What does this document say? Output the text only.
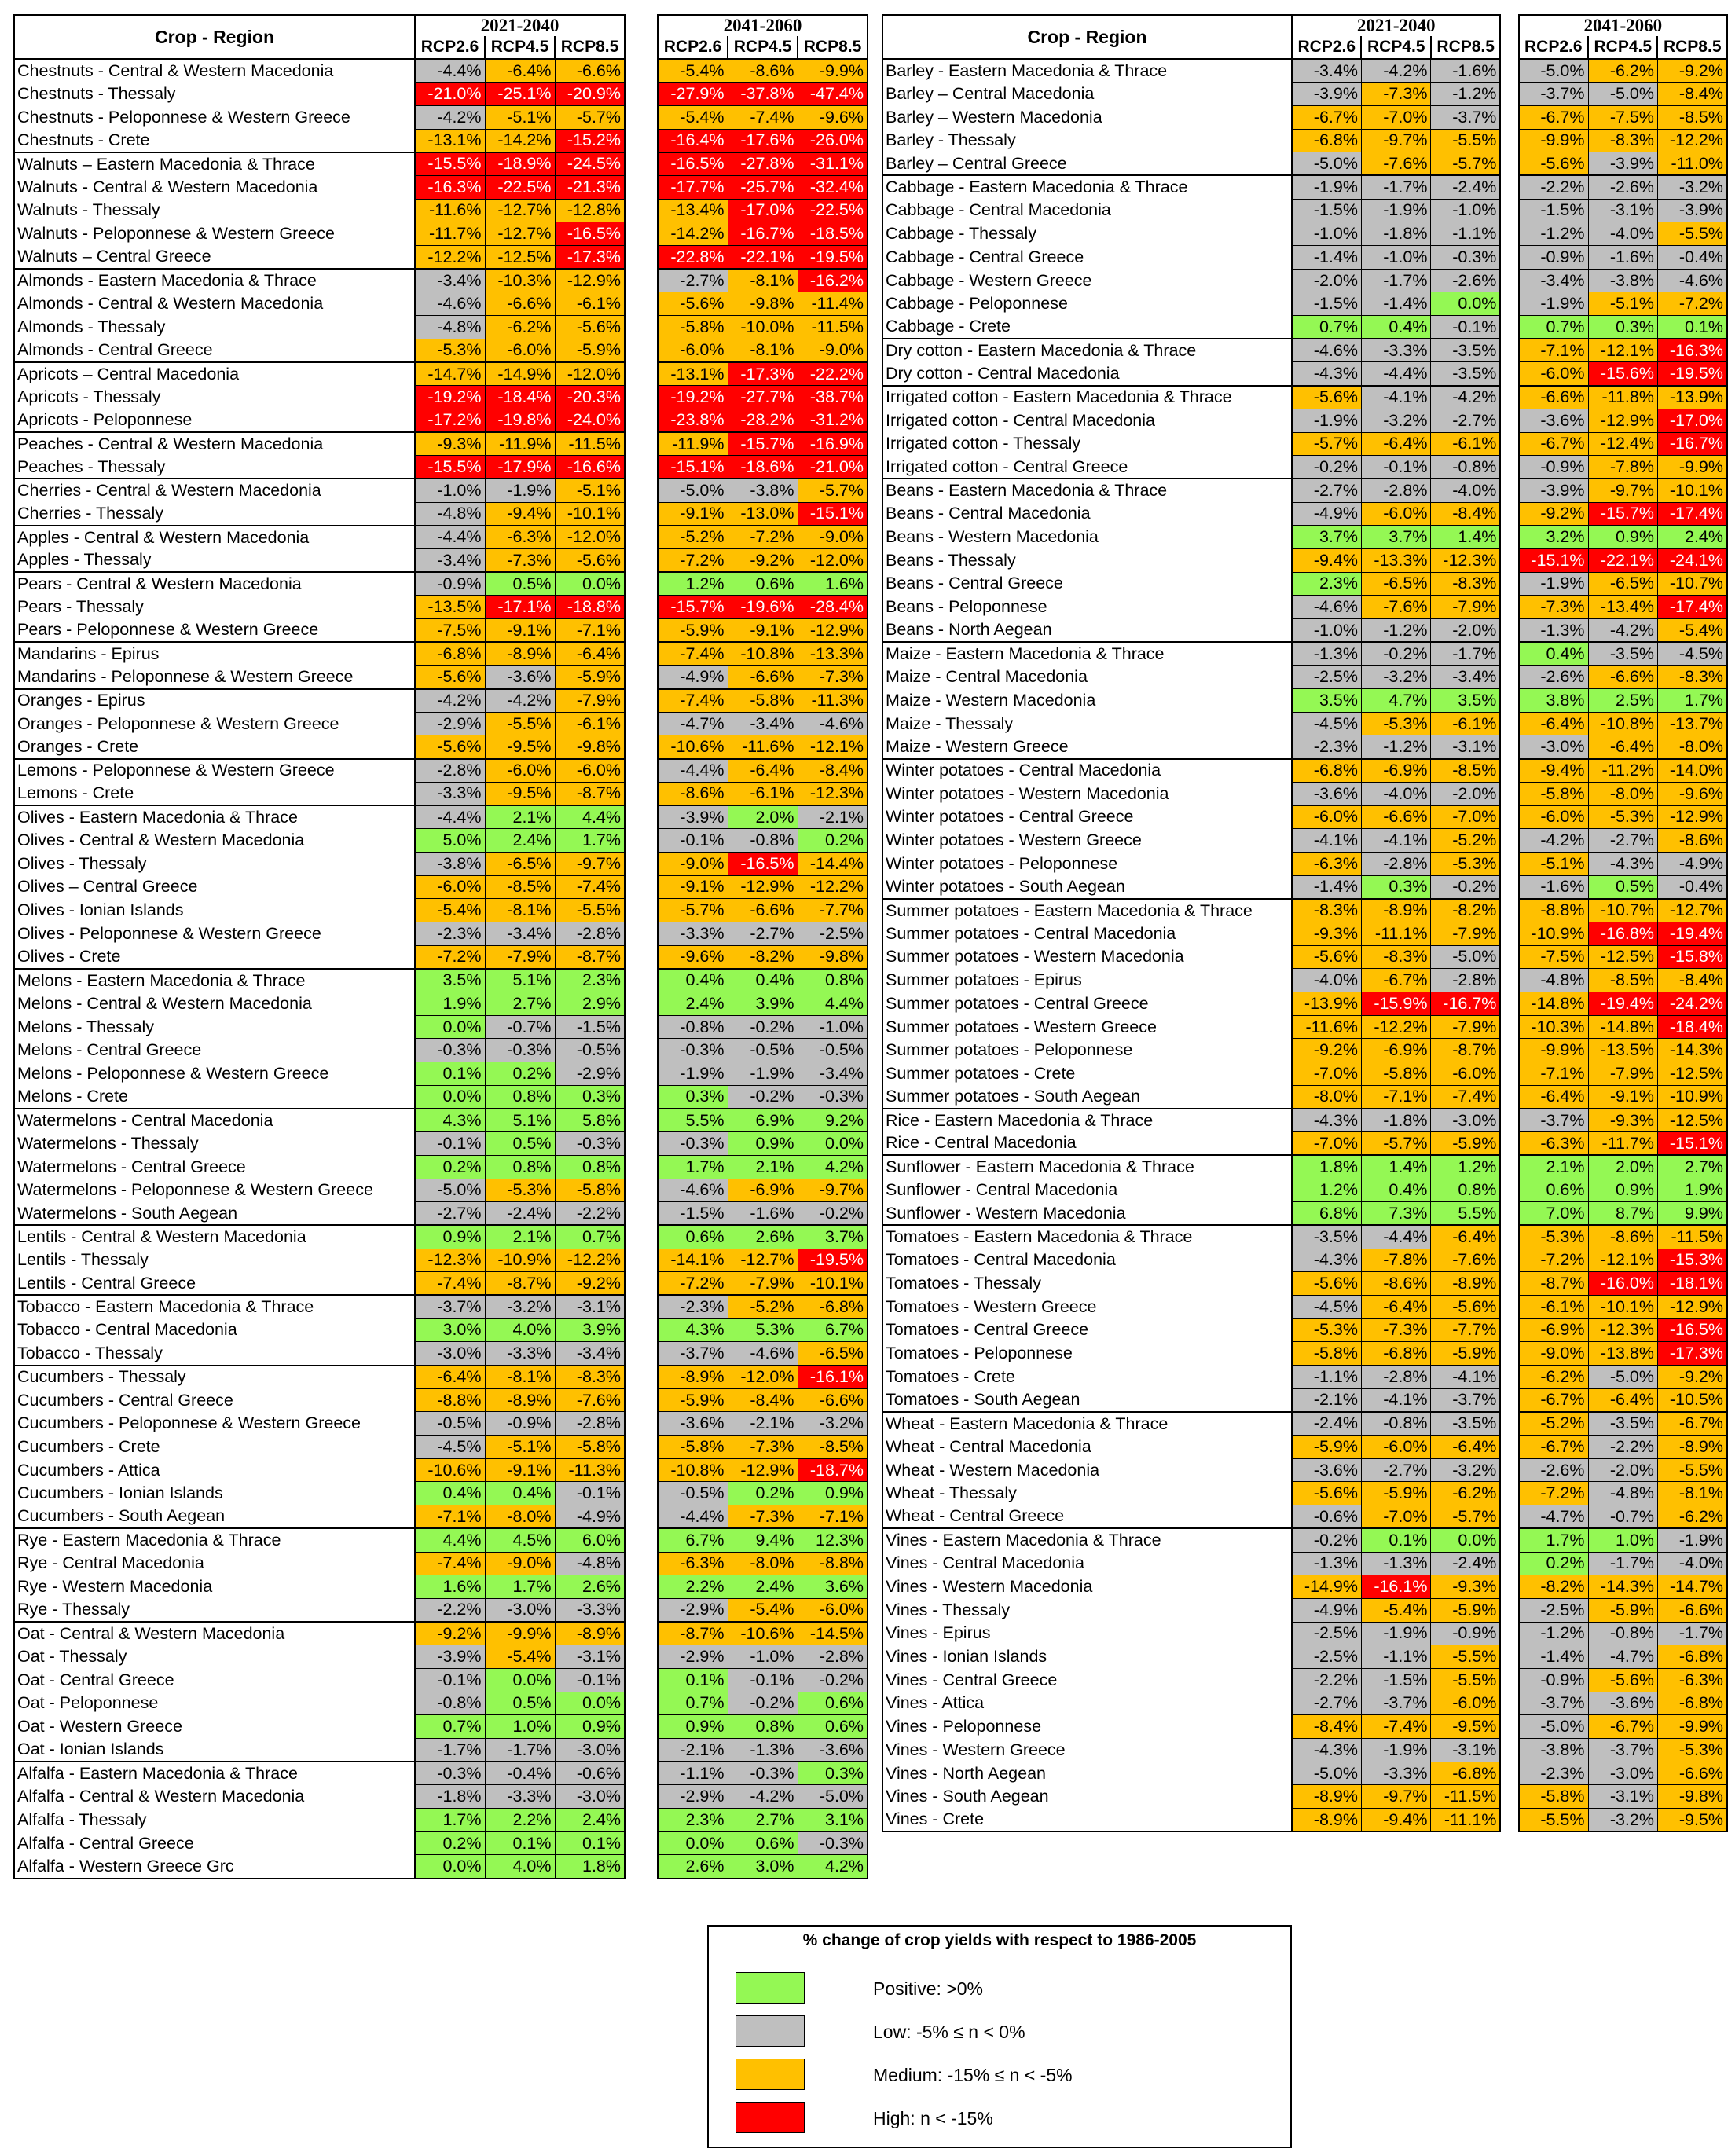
Crop - Region	2021-2040				2041-2060		
	RCP2.6	RCP4.5	RCP8.5		RCP2.6	RCP4.5	RCP8.5
Chestnuts - Central & Western Macedonia	-4.4%	-6.4%	-6.6%		-5.4%	-8.6%	-9.9%
Chestnuts - Thessaly	-21.0%	-25.1%	-20.9%		-27.9%	-37.8%	-47.4%
Chestnuts - Peloponnese & Western Greece	-4.2%	-5.1%	-5.7%		-5.4%	-7.4%	-9.6%
Chestnuts - Crete	-13.1%	-14.2%	-15.2%		-16.4%	-17.6%	-26.0%
Walnuts – Eastern Macedonia & Thrace	-15.5%	-18.9%	-24.5%		-16.5%	-27.8%	-31.1%
Walnuts - Central & Western Macedonia	-16.3%	-22.5%	-21.3%		-17.7%	-25.7%	-32.4%
Walnuts - Thessaly	-11.6%	-12.7%	-12.8%		-13.4%	-17.0%	-22.5%
Walnuts - Peloponnese & Western Greece	-11.7%	-12.7%	-16.5%		-14.2%	-16.7%	-18.5%
Walnuts – Central Greece	-12.2%	-12.5%	-17.3%		-22.8%	-22.1%	-19.5%
Almonds - Eastern Macedonia & Thrace	-3.4%	-10.3%	-12.9%		-2.7%	-8.1%	-16.2%
Almonds - Central & Western Macedonia	-4.6%	-6.6%	-6.1%		-5.6%	-9.8%	-11.4%
Almonds - Thessaly	-4.8%	-6.2%	-5.6%		-5.8%	-10.0%	-11.5%
Almonds - Central Greece	-5.3%	-6.0%	-5.9%		-6.0%	-8.1%	-9.0%
Apricots – Central Macedonia	-14.7%	-14.9%	-12.0%		-13.1%	-17.3%	-22.2%
Apricots - Thessaly	-19.2%	-18.4%	-20.3%		-19.2%	-27.7%	-38.7%
Apricots - Peloponnese	-17.2%	-19.8%	-24.0%		-23.8%	-28.2%	-31.2%
Peaches - Central & Western Macedonia	-9.3%	-11.9%	-11.5%		-11.9%	-15.7%	-16.9%
Peaches - Thessaly	-15.5%	-17.9%	-16.6%		-15.1%	-18.6%	-21.0%
Cherries - Central & Western Macedonia	-1.0%	-1.9%	-5.1%		-5.0%	-3.8%	-5.7%
Cherries - Thessaly	-4.8%	-9.4%	-10.1%		-9.1%	-13.0%	-15.1%
Apples - Central & Western Macedonia	-4.4%	-6.3%	-12.0%		-5.2%	-7.2%	-9.0%
Apples - Thessaly	-3.4%	-7.3%	-5.6%		-7.2%	-9.2%	-12.0%
Pears - Central & Western Macedonia	-0.9%	0.5%	0.0%		1.2%	0.6%	1.6%
Pears - Thessaly	-13.5%	-17.1%	-18.8%		-15.7%	-19.6%	-28.4%
Pears - Peloponnese & Western Greece	-7.5%	-9.1%	-7.1%		-5.9%	-9.1%	-12.9%
Mandarins - Epirus	-6.8%	-8.9%	-6.4%		-7.4%	-10.8%	-13.3%
Mandarins - Peloponnese & Western Greece	-5.6%	-3.6%	-5.9%		-4.9%	-6.6%	-7.3%
Oranges - Epirus	-4.2%	-4.2%	-7.9%		-7.4%	-5.8%	-11.3%
Oranges - Peloponnese & Western Greece	-2.9%	-5.5%	-6.1%		-4.7%	-3.4%	-4.6%
Oranges - Crete	-5.6%	-9.5%	-9.8%		-10.6%	-11.6%	-12.1%
Lemons - Peloponnese & Western Greece	-2.8%	-6.0%	-6.0%		-4.4%	-6.4%	-8.4%
Lemons - Crete	-3.3%	-9.5%	-8.7%		-8.6%	-6.1%	-12.3%
Olives - Eastern Macedonia & Thrace	-4.4%	2.1%	4.4%		-3.9%	2.0%	-2.1%
Olives - Central & Western Macedonia	5.0%	2.4%	1.7%		-0.1%	-0.8%	0.2%
Olives - Thessaly	-3.8%	-6.5%	-9.7%		-9.0%	-16.5%	-14.4%
Olives – Central Greece	-6.0%	-8.5%	-7.4%		-9.1%	-12.9%	-12.2%
Olives - Ionian Islands	-5.4%	-8.1%	-5.5%		-5.7%	-6.6%	-7.7%
Olives - Peloponnese & Western Greece	-2.3%	-3.4%	-2.8%		-3.3%	-2.7%	-2.5%
Olives - Crete	-7.2%	-7.9%	-8.7%		-9.6%	-8.2%	-9.8%
Melons - Eastern Macedonia & Thrace	3.5%	5.1%	2.3%		0.4%	0.4%	0.8%
Melons - Central & Western Macedonia	1.9%	2.7%	2.9%		2.4%	3.9%	4.4%
Melons - Thessaly	0.0%	-0.7%	-1.5%		-0.8%	-0.2%	-1.0%
Melons - Central Greece	-0.3%	-0.3%	-0.5%		-0.3%	-0.5%	-0.5%
Melons - Peloponnese & Western Greece	0.1%	0.2%	-2.9%		-1.9%	-1.9%	-3.4%
Melons - Crete	0.0%	0.8%	0.3%		0.3%	-0.2%	-0.3%
Watermelons - Central Macedonia	4.3%	5.1%	5.8%		5.5%	6.9%	9.2%
Watermelons - Thessaly	-0.1%	0.5%	-0.3%		-0.3%	0.9%	0.0%
Watermelons - Central Greece	0.2%	0.8%	0.8%		1.7%	2.1%	4.2%
Watermelons - Peloponnese & Western Greece	-5.0%	-5.3%	-5.8%		-4.6%	-6.9%	-9.7%
Watermelons - South Aegean	-2.7%	-2.4%	-2.2%		-1.5%	-1.6%	-0.2%
Lentils - Central & Western Macedonia	0.9%	2.1%	0.7%		0.6%	2.6%	3.7%
Lentils - Thessaly	-12.3%	-10.9%	-12.2%		-14.1%	-12.7%	-19.5%
Lentils - Central Greece	-7.4%	-8.7%	-9.2%		-7.2%	-7.9%	-10.1%
Tobacco - Eastern Macedonia & Thrace	-3.7%	-3.2%	-3.1%		-2.3%	-5.2%	-6.8%
Tobacco - Central Macedonia	3.0%	4.0%	3.9%		4.3%	5.3%	6.7%
Tobacco - Thessaly	-3.0%	-3.3%	-3.4%		-3.7%	-4.6%	-6.5%
Cucumbers - Thessaly	-6.4%	-8.1%	-8.3%		-8.9%	-12.0%	-16.1%
Cucumbers - Central Greece	-8.8%	-8.9%	-7.6%		-5.9%	-8.4%	-6.6%
Cucumbers - Peloponnese & Western Greece	-0.5%	-0.9%	-2.8%		-3.6%	-2.1%	-3.2%
Cucumbers - Crete	-4.5%	-5.1%	-5.8%		-5.8%	-7.3%	-8.5%
Cucumbers - Attica	-10.6%	-9.1%	-11.3%		-10.8%	-12.9%	-18.7%
Cucumbers - Ionian Islands	0.4%	0.4%	-0.1%		-0.5%	0.2%	0.9%
Cucumbers - South Aegean	-7.1%	-8.0%	-4.9%		-4.4%	-7.3%	-7.1%
Rye - Eastern Macedonia & Thrace	4.4%	4.5%	6.0%		6.7%	9.4%	12.3%
Rye - Central Macedonia	-7.4%	-9.0%	-4.8%		-6.3%	-8.0%	-8.8%
Rye - Western Macedonia	1.6%	1.7%	2.6%		2.2%	2.4%	3.6%
Rye - Thessaly	-2.2%	-3.0%	-3.3%		-2.9%	-5.4%	-6.0%
Oat - Central & Western Macedonia	-9.2%	-9.9%	-8.9%		-8.7%	-10.6%	-14.5%
Oat - Thessaly	-3.9%	-5.4%	-3.1%		-2.9%	-1.0%	-2.8%
Oat - Central Greece	-0.1%	0.0%	-0.1%		0.1%	-0.1%	-0.2%
Oat - Peloponnese	-0.8%	0.5%	0.0%		0.7%	-0.2%	0.6%
Oat - Western Greece	0.7%	1.0%	0.9%		0.9%	0.8%	0.6%
Oat - Ionian Islands	-1.7%	-1.7%	-3.0%		-2.1%	-1.3%	-3.6%
Alfalfa - Eastern Macedonia & Thrace	-0.3%	-0.4%	-0.6%		-1.1%	-0.3%	0.3%
Alfalfa - Central & Western Macedonia	-1.8%	-3.3%	-3.0%		-2.9%	-4.2%	-5.0%
Alfalfa - Thessaly	1.7%	2.2%	2.4%		2.3%	2.7%	3.1%
Alfalfa - Central Greece	0.2%	0.1%	0.1%		0.0%	0.6%	-0.3%
Alfalfa - Western Greece Grc	0.0%	4.0%	1.8%		2.6%	3.0%	4.2%
`
Crop - Region	2021-2040				2041-2060		
	RCP2.6	RCP4.5	RCP8.5		RCP2.6	RCP4.5	RCP8.5
Barley - Eastern Macedonia & Thrace	-3.4%	-4.2%	-1.6%		-5.0%	-6.2%	-9.2%
Barley – Central Macedonia	-3.9%	-7.3%	-1.2%		-3.7%	-5.0%	-8.4%
Barley – Western Macedonia	-6.7%	-7.0%	-3.7%		-6.7%	-7.5%	-8.5%
Barley - Thessaly	-6.8%	-9.7%	-5.5%		-9.9%	-8.3%	-12.2%
Barley – Central Greece	-5.0%	-7.6%	-5.7%		-5.6%	-3.9%	-11.0%
Cabbage - Eastern Macedonia & Thrace	-1.9%	-1.7%	-2.4%		-2.2%	-2.6%	-3.2%
Cabbage - Central Macedonia	-1.5%	-1.9%	-1.0%		-1.5%	-3.1%	-3.9%
Cabbage - Thessaly	-1.0%	-1.8%	-1.1%		-1.2%	-4.0%	-5.5%
Cabbage - Central Greece	-1.4%	-1.0%	-0.3%		-0.9%	-1.6%	-0.4%
Cabbage - Western Greece	-2.0%	-1.7%	-2.6%		-3.4%	-3.8%	-4.6%
Cabbage - Peloponnese	-1.5%	-1.4%	0.0%		-1.9%	-5.1%	-7.2%
Cabbage - Crete	0.7%	0.4%	-0.1%		0.7%	0.3%	0.1%
Dry cotton - Eastern Macedonia & Thrace	-4.6%	-3.3%	-3.5%		-7.1%	-12.1%	-16.3%
Dry cotton - Central Macedonia	-4.3%	-4.4%	-3.5%		-6.0%	-15.6%	-19.5%
Irrigated cotton - Eastern Macedonia & Thrace	-5.6%	-4.1%	-4.2%		-6.6%	-11.8%	-13.9%
Irrigated cotton - Central Macedonia	-1.9%	-3.2%	-2.7%		-3.6%	-12.9%	-17.0%
Irrigated cotton - Thessaly	-5.7%	-6.4%	-6.1%		-6.7%	-12.4%	-16.7%
Irrigated cotton - Central Greece	-0.2%	-0.1%	-0.8%		-0.9%	-7.8%	-9.9%
Beans - Eastern Macedonia & Thrace	-2.7%	-2.8%	-4.0%		-3.9%	-9.7%	-10.1%
Beans - Central Macedonia	-4.9%	-6.0%	-8.4%		-9.2%	-15.7%	-17.4%
Beans - Western Macedonia	3.7%	3.7%	1.4%		3.2%	0.9%	2.4%
Beans - Thessaly	-9.4%	-13.3%	-12.3%		-15.1%	-22.1%	-24.1%
Beans - Central Greece	2.3%	-6.5%	-8.3%		-1.9%	-6.5%	-10.7%
Beans - Peloponnese	-4.6%	-7.6%	-7.9%		-7.3%	-13.4%	-17.4%
Beans - North Aegean	-1.0%	-1.2%	-2.0%		-1.3%	-4.2%	-5.4%
Maize - Eastern Macedonia & Thrace	-1.3%	-0.2%	-1.7%		0.4%	-3.5%	-4.5%
Maize - Central Macedonia	-2.5%	-3.2%	-3.4%		-2.6%	-6.6%	-8.3%
Maize - Western Macedonia	3.5%	4.7%	3.5%		3.8%	2.5%	1.7%
Maize - Thessaly	-4.5%	-5.3%	-6.1%		-6.4%	-10.8%	-13.7%
Maize - Western Greece	-2.3%	-1.2%	-3.1%		-3.0%	-6.4%	-8.0%
Winter potatoes - Central Macedonia	-6.8%	-6.9%	-8.5%		-9.4%	-11.2%	-14.0%
Winter potatoes - Western Macedonia	-3.6%	-4.0%	-2.0%		-5.8%	-8.0%	-9.6%
Winter potatoes - Central Greece	-6.0%	-6.6%	-7.0%		-6.0%	-5.3%	-12.9%
Winter potatoes - Western Greece	-4.1%	-4.1%	-5.2%		-4.2%	-2.7%	-8.6%
Winter potatoes - Peloponnese	-6.3%	-2.8%	-5.3%		-5.1%	-4.3%	-4.9%
Winter potatoes - South Aegean	-1.4%	0.3%	-0.2%		-1.6%	0.5%	-0.4%
Summer potatoes - Eastern Macedonia & Thrace	-8.3%	-8.9%	-8.2%		-8.8%	-10.7%	-12.7%
Summer potatoes - Central Macedonia	-9.3%	-11.1%	-7.9%		-10.9%	-16.8%	-19.4%
Summer potatoes - Western Macedonia	-5.6%	-8.3%	-5.0%		-7.5%	-12.5%	-15.8%
Summer potatoes - Epirus	-4.0%	-6.7%	-2.8%		-4.8%	-8.5%	-8.4%
Summer potatoes - Central Greece	-13.9%	-15.9%	-16.7%		-14.8%	-19.4%	-24.2%
Summer potatoes - Western Greece	-11.6%	-12.2%	-7.9%		-10.3%	-14.8%	-18.4%
Summer potatoes - Peloponnese	-9.2%	-6.9%	-8.7%		-9.9%	-13.5%	-14.3%
Summer potatoes - Crete	-7.0%	-5.8%	-6.0%		-7.1%	-7.9%	-12.5%
Summer potatoes - South Aegean	-8.0%	-7.1%	-7.4%		-6.4%	-9.1%	-10.9%
Rice - Eastern Macedonia & Thrace	-4.3%	-1.8%	-3.0%		-3.7%	-9.3%	-12.5%
Rice - Central Macedonia	-7.0%	-5.7%	-5.9%		-6.3%	-11.7%	-15.1%
Sunflower - Eastern Macedonia & Thrace	1.8%	1.4%	1.2%		2.1%	2.0%	2.7%
Sunflower - Central Macedonia	1.2%	0.4%	0.8%		0.6%	0.9%	1.9%
Sunflower - Western Macedonia	6.8%	7.3%	5.5%		7.0%	8.7%	9.9%
Tomatoes - Eastern Macedonia & Thrace	-3.5%	-4.4%	-6.4%		-5.3%	-8.6%	-11.5%
Tomatoes - Central Macedonia	-4.3%	-7.8%	-7.6%		-7.2%	-12.1%	-15.3%
Tomatoes - Thessaly	-5.6%	-8.6%	-8.9%		-8.7%	-16.0%	-18.1%
Tomatoes - Western Greece	-4.5%	-6.4%	-5.6%		-6.1%	-10.1%	-12.9%
Tomatoes - Central Greece	-5.3%	-7.3%	-7.7%		-6.9%	-12.3%	-16.5%
Tomatoes - Peloponnese	-5.8%	-6.8%	-5.9%		-9.0%	-13.8%	-17.3%
Tomatoes - Crete	-1.1%	-2.8%	-4.1%		-6.2%	-5.0%	-9.2%
Tomatoes - South Aegean	-2.1%	-4.1%	-3.7%		-6.7%	-6.4%	-10.5%
Wheat - Eastern Macedonia & Thrace	-2.4%	-0.8%	-3.5%		-5.2%	-3.5%	-6.7%
Wheat - Central Macedonia	-5.9%	-6.0%	-6.4%		-6.7%	-2.2%	-8.9%
Wheat - Western Macedonia	-3.6%	-2.7%	-3.2%		-2.6%	-2.0%	-5.5%
Wheat - Thessaly	-5.6%	-5.9%	-6.2%		-7.2%	-4.8%	-8.1%
Wheat - Central Greece	-0.6%	-7.0%	-5.7%		-4.7%	-0.7%	-6.2%
Vines - Eastern Macedonia & Thrace	-0.2%	0.1%	0.0%		1.7%	1.0%	-1.9%
Vines - Central Macedonia	-1.3%	-1.3%	-2.4%		0.2%	-1.7%	-4.0%
Vines - Western Macedonia	-14.9%	-16.1%	-9.3%		-8.2%	-14.3%	-14.7%
Vines - Thessaly	-4.9%	-5.4%	-5.9%		-2.5%	-5.9%	-6.6%
Vines - Epirus	-2.5%	-1.9%	-0.9%		-1.2%	-0.8%	-1.7%
Vines - Ionian Islands	-2.5%	-1.1%	-5.5%		-1.4%	-4.7%	-6.8%
Vines - Central Greece	-2.2%	-1.5%	-5.5%		-0.9%	-5.6%	-6.3%
Vines - Attica	-2.7%	-3.7%	-6.0%		-3.7%	-3.6%	-6.8%
Vines - Peloponnese	-8.4%	-7.4%	-9.5%		-5.0%	-6.7%	-9.9%
Vines - Western Greece	-4.3%	-1.9%	-3.1%		-3.8%	-3.7%	-5.3%
Vines - North Aegean	-5.0%	-3.3%	-6.8%		-2.3%	-3.0%	-6.6%
Vines - South Aegean	-8.9%	-9.7%	-11.5%		-5.8%	-3.1%	-9.8%
Vines - Crete	-8.9%	-9.4%	-11.1%		-5.5%	-3.2%	-9.5%
% change of crop yields with respect to 1986-2005
Positive: >0%
Low: -5% ≤ n < 0%
Medium: -15% ≤ n < -5%
High: n < -15%
